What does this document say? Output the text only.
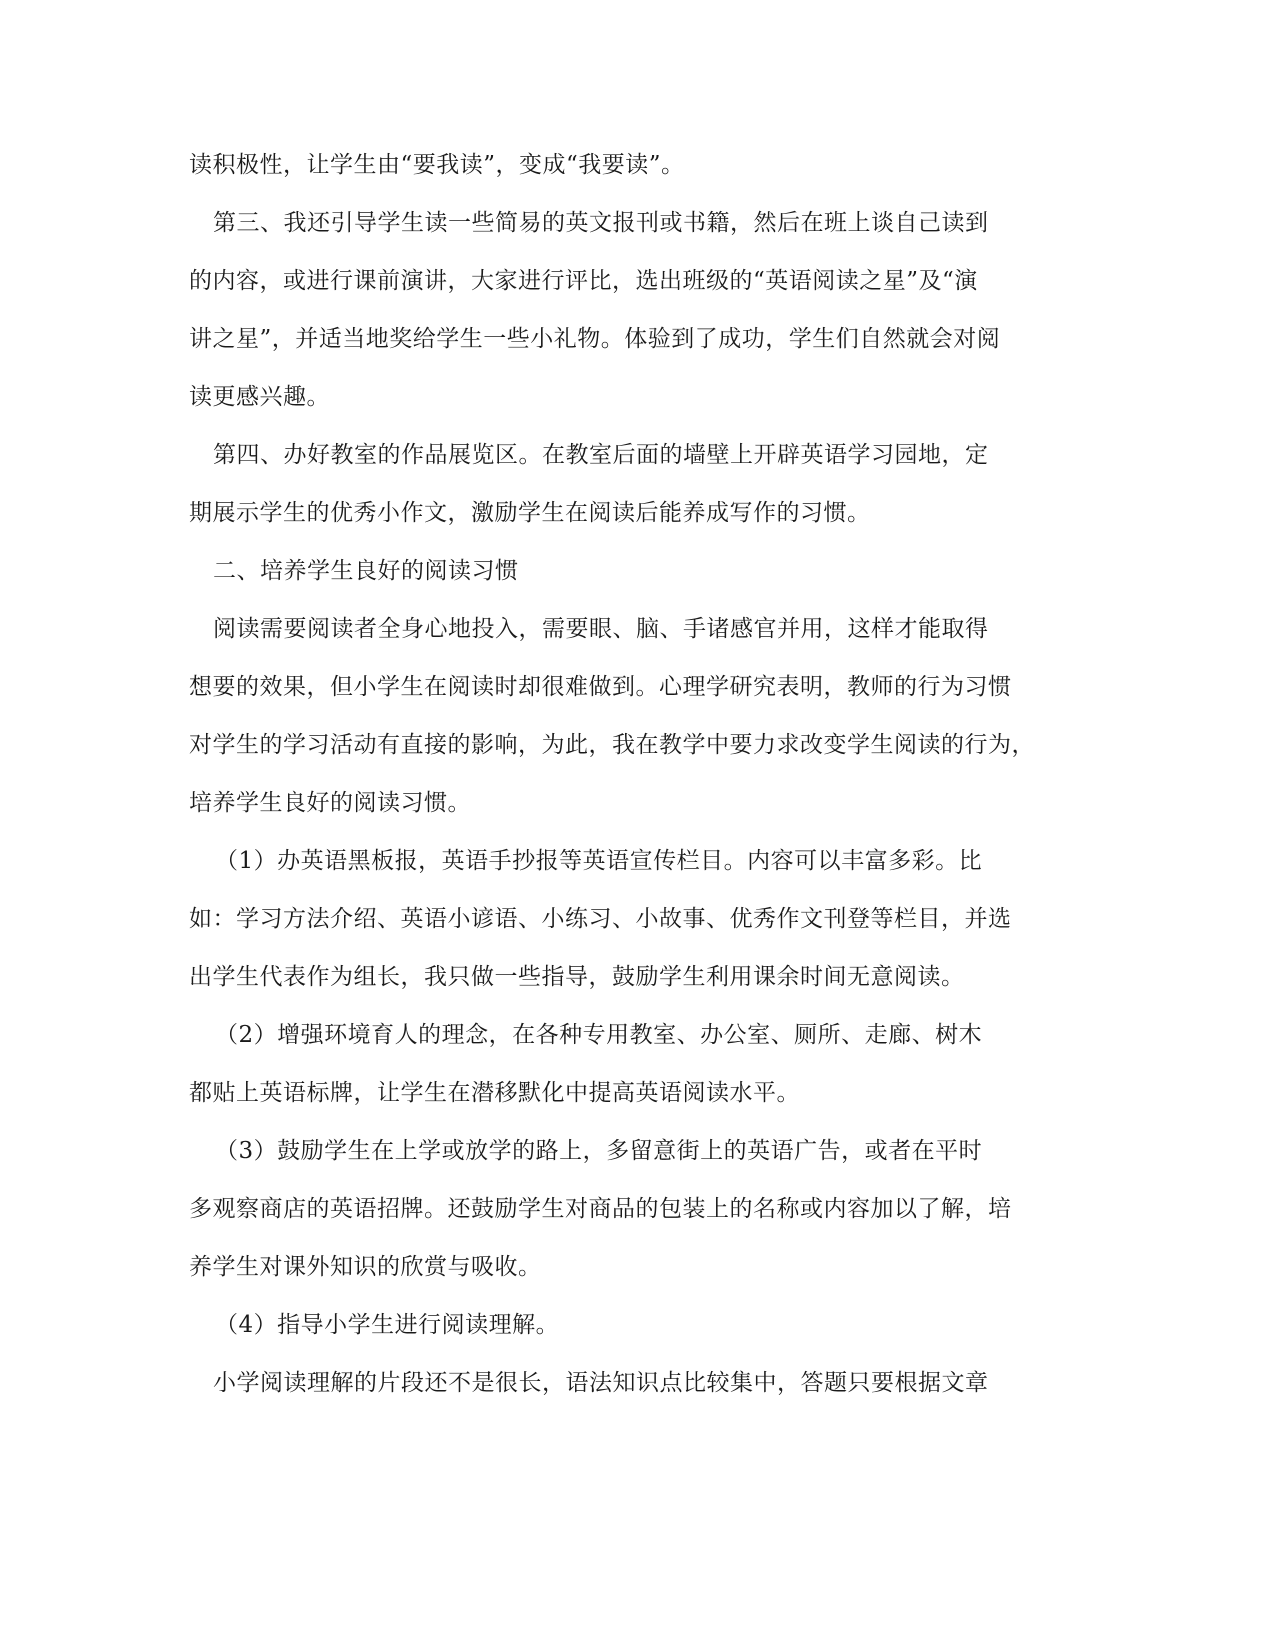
读积极性，让学生由“要我读”，变成“我要读”。
第三、我还引导学生读一些简易的英文报刊或书籍，然后在班上谈自己读到
的内容，或进行课前演讲，大家进行评比，选出班级的“英语阅读之星”及“演
讲之星”，并适当地奖给学生一些小礼物。体验到了成功，学生们自然就会对阅
读更感兴趣。
第四、办好教室的作品展览区。在教室后面的墙壁上开辟英语学习园地，定
期展示学生的优秀小作文，激励学生在阅读后能养成写作的习惯。
二、培养学生良好的阅读习惯
阅读需要阅读者全身心地投入，需要眼、脑、手诸感官并用，这样才能取得
想要的效果，但小学生在阅读时却很难做到。心理学研究表明，教师的行为习惯
对学生的学习活动有直接的影响，为此，我在教学中要力求改变学生阅读的行为，
培养学生良好的阅读习惯。
（1）办英语黑板报，英语手抄报等英语宣传栏目。内容可以丰富多彩。比
如：学习方法介绍、英语小谚语、小练习、小故事、优秀作文刊登等栏目，并选
出学生代表作为组长，我只做一些指导，鼓励学生利用课余时间无意阅读。
（2）增强环境育人的理念，在各种专用教室、办公室、厕所、走廊、树木
都贴上英语标牌，让学生在潜移默化中提高英语阅读水平。
（3）鼓励学生在上学或放学的路上，多留意街上的英语广告，或者在平时
多观察商店的英语招牌。还鼓励学生对商品的包装上的名称或内容加以了解，培
养学生对课外知识的欣赏与吸收。
（4）指导小学生进行阅读理解。
小学阅读理解的片段还不是很长，语法知识点比较集中，答题只要根据文章
